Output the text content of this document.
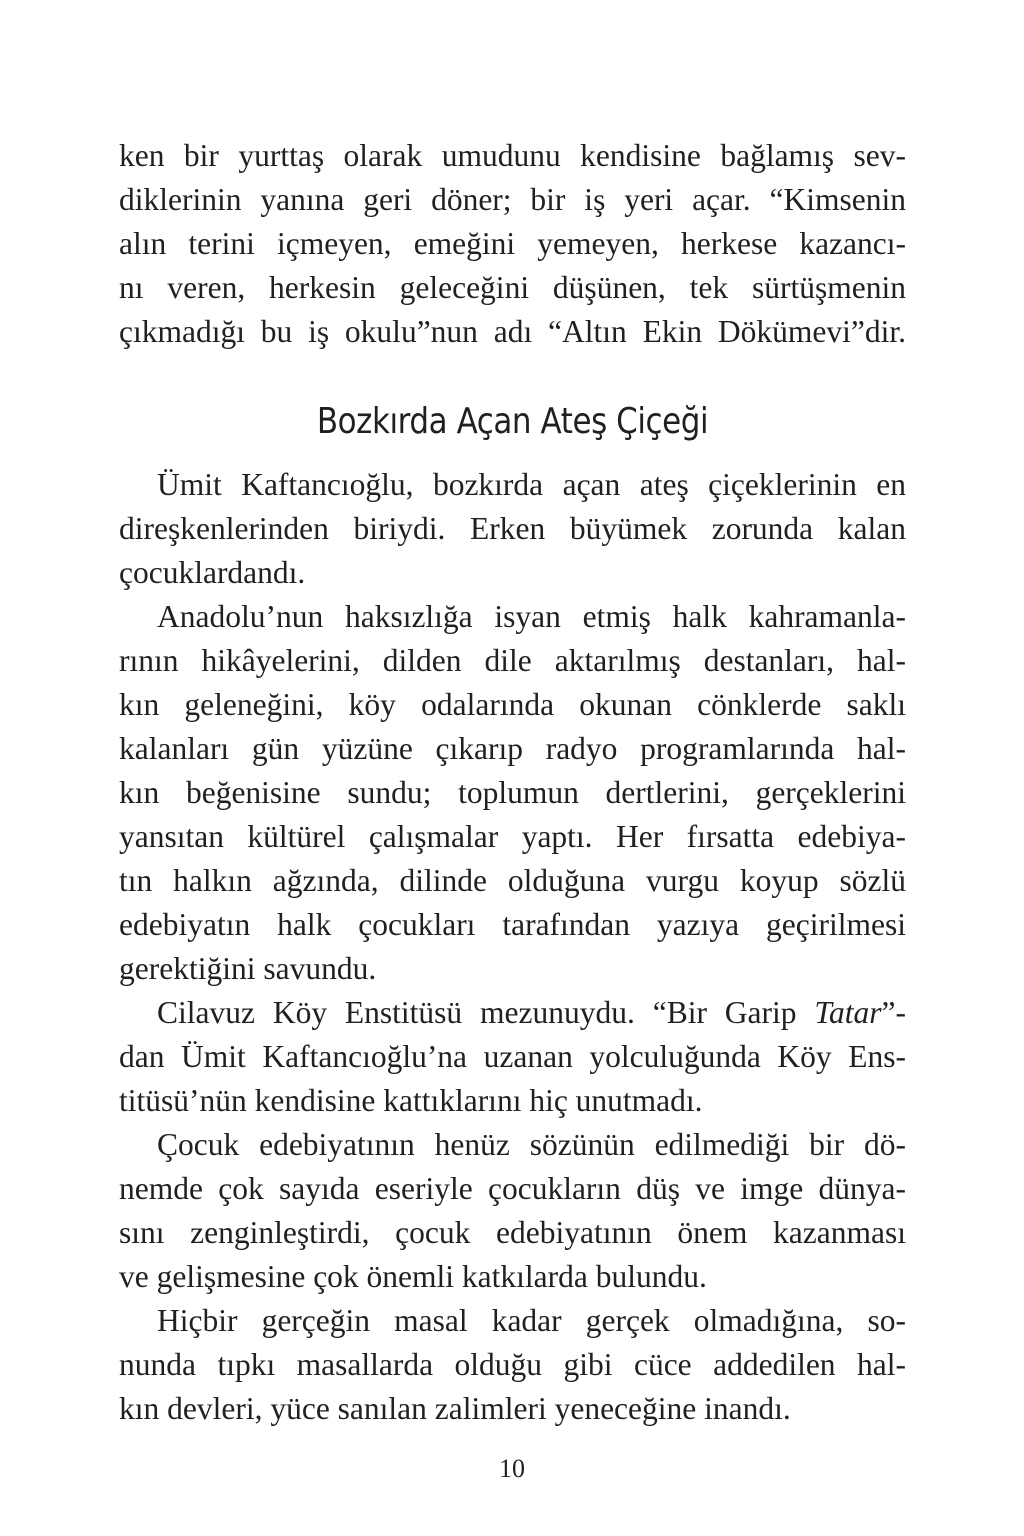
ken bir yurttaş olarak umudunu kendisine bağlamış sev-
diklerinin yanına geri döner; bir iş yeri açar. “Kimsenin
alın terini içmeyen, emeğini yemeyen, herkese kazancı-
nı veren, herkesin geleceğini düşünen, tek sürtüşmenin
çıkmadığı bu iş okulu”nun adı “Altın Ekin Dökümevi”dir.
Bozkırda Açan Ateş Çiçeği
Ümit Kaftancıoğlu, bozkırda açan ateş çiçeklerinin en
direşkenlerinden biriydi. Erken büyümek zorunda kalan
çocuklardandı.
Anadolu’nun haksızlığa isyan etmiş halk kahramanla-
rının hikâyelerini, dilden dile aktarılmış destanları, hal-
kın geleneğini, köy odalarında okunan cönklerde saklı
kalanları gün yüzüne çıkarıp radyo programlarında hal-
kın beğenisine sundu; toplumun dertlerini, gerçeklerini
yansıtan kültürel çalışmalar yaptı. Her fırsatta edebiya-
tın halkın ağzında, dilinde olduğuna vurgu koyup sözlü
edebiyatın halk çocukları tarafından yazıya geçirilmesi
gerektiğini savundu.
Cilavuz Köy Enstitüsü mezunuydu. “Bir Garip Tatar”-
dan Ümit Kaftancıoğlu’na uzanan yolculuğunda Köy Ens-
titüsü’nün kendisine kattıklarını hiç unutmadı.
Çocuk edebiyatının henüz sözünün edilmediği bir dö-
nemde çok sayıda eseriyle çocukların düş ve imge dünya-
sını zenginleştirdi, çocuk edebiyatının önem kazanması
ve gelişmesine çok önemli katkılarda bulundu.
Hiçbir gerçeğin masal kadar gerçek olmadığına, so-
nunda tıpkı masallarda olduğu gibi cüce addedilen hal-
kın devleri, yüce sanılan zalimleri yeneceğine inandı.
10
